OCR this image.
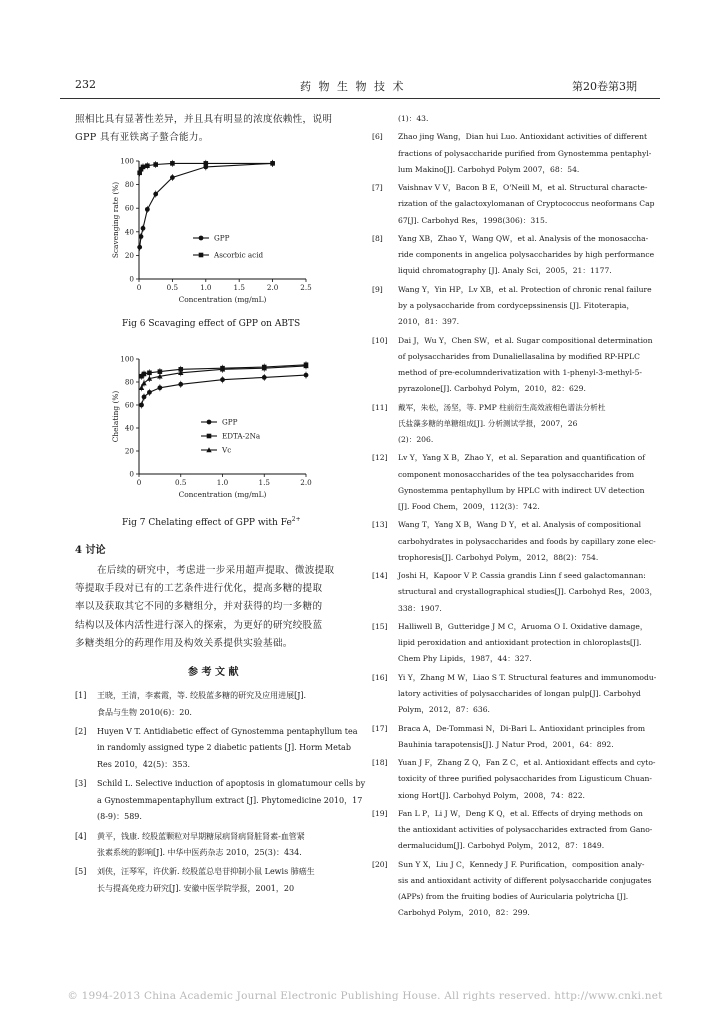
232	药 物 生 物 技 术	第20卷第3期
照相比具有显著性差异，并且具有明显的浓度依赖性，说明
GPP 具有亚铁离子螯合能力。
0
20
40
60
80
100
0	0.5	1.0	1.5	2.0	2.5
Concentration (mg/mL)
Scavenging rate (%)	GPP
Ascorbic acid
Fig 6 Scavaging effect of GPP on ABTS
0
20
40
60
80
100
0	0.5	1.0	1.5	2.0
Concentration (mg/mL)
Chelating (%)	GPP
EDTA-2Na
Vc
Fig 7 Chelating effect of GPP with $Fe^{2+}$
4 讨论
在后续的研究中，考虑进一步采用超声提取、微波提取
等提取手段对已有的工艺条件进行优化，提高多糖的提取
率以及获取其它不同的多糖组分，并对获得的均一多糖的
结构以及体内活性进行深入的探索，为更好的研究绞股蓝
多糖类组分的药理作用及构效关系提供实验基础。
参 考 文 献
[1] 王晓，王清，李素霞，等. 绞股蓝多糖的研究及应用进展[J].
食品与生物 2010(6)：20.
[2] Huyen V T. Antidiabetic effect of Gynostemma pentaphyllum tea
in randomly assigned type 2 diabetic patients [J]. Horm Metab
Res 2010，42(5)：353.
[3] Schild L. Selective induction of apoptosis in glomatumour cells by
a Gynostemmapentaphyllum extract [J]. Phytomedicine 2010，17
(8-9)：589.
[4] 黄平，钱康. 绞股蓝颗粒对早期糖尿病肾病肾脏肾素-血管紧
张素系统的影响[J]. 中华中医药杂志 2010，25(3)：434.
[5] 刘侠，汪琴军，许伏新. 绞股蓝总皂苷抑制小鼠 Lewis 肺癌生
长与提高免疫力研究[J]. 安徽中医学院学报，2001，20
(1)：43.
[6] Zhao jing Wang，Dian hui Luo. Antioxidant activities of different
fractions of polysaccharide purified from Gynostemma pentaphyl-
lum Makino[J]. Carbohyd Polym 2007，68：54.
[7] Vaishnav V V，Bacon B E，O'Neill M，et al. Structural characte-
rization of the galactoxylomanan of Cryptococcus neoformans Cap
67[J]. Carbohyd Res，1998(306)：315.
[8] Yang XB，Zhao Y，Wang QW，et al. Analysis of the monosaccha-
ride components in angelica polysaccharides by high performance
liquid chromatography [J]. Analy Sci，2005，21：1177.
[9] Wang Y，Yin HP，Lv XB，et al. Protection of chronic renal failure
by a polysaccharide from cordycepssinensis [J]. Fitoterapia，
2010，81：397.
[10] Dai J，Wu Y，Chen SW，et al. Sugar compositional determination
of polysaccharides from Dunaliellasalina by modified RP-HPLC
method of pre-ecolumnderivatization with 1-phenyl-3-methyl-5-
pyrazolone[J]. Carbohyd Polym，2010，82：629.
[11] 戴军，朱松，汤坚，等. PMP 柱前衍生高效液相色谱法分析杜
氏盐藻多糖的单糖组成[J]. 分析测试学报，2007，26
(2)：206.
[12] Lv Y，Yang X B，Zhao Y，et al. Separation and quantification of
component monosaccharides of the tea polysaccharides from
Gynostemma pentaphyllum by HPLC with indirect UV detection
[J]. Food Chem，2009，112(3)：742.
[13] Wang T，Yang X B，Wang D Y，et al. Analysis of compositional
carbohydrates in polysaccharides and foods by capillary zone elec-
trophoresis[J]. Carbohyd Polym，2012，88(2)：754.
[14] Joshi H，Kapoor V P. Cassia grandis Linn f seed galactomannan:
structural and crystallographical studies[J]. Carbohyd Res，2003，
338：1907.
[15] Halliwell B，Gutteridge J M C，Aruoma O I. Oxidative damage，
lipid peroxidation and antioxidant protection in chloroplasts[J].
Chem Phy Lipids，1987，44：327.
[16] Yi Y，Zhang M W，Liao S T. Structural features and immunomodu-
latory activities of polysaccharides of longan pulp[J]. Carbohyd
Polym，2012，87：636.
[17] Braca A，De-Tommasi N，Di-Bari L. Antioxidant principles from
Bauhinia tarapotensis[J]. J Natur Prod，2001，64：892.
[18] Yuan J F，Zhang Z Q，Fan Z C，et al. Antioxidant effects and cyto-
toxicity of three purified polysaccharides from Ligusticum Chuan-
xiong Hort[J]. Carbohyd Polym，2008，74：822.
[19] Fan L P，Li J W，Deng K Q，et al. Effects of drying methods on
the antioxidant activities of polysaccharides extracted from Gano-
dermalucidum[J]. Carbohyd Polym，2012，87：1849.
[20] Sun Y X，Liu J C，Kennedy J F. Purification，composition analy-
sis and antioxidant activity of different polysaccharide conjugates
(APPs) from the fruiting bodies of Auricularia polytricha [J].
Carbohyd Polym，2010，82：299.
© 1994-2013 China Academic Journal Electronic Publishing House. All rights reserved. http://www.cnki.net
